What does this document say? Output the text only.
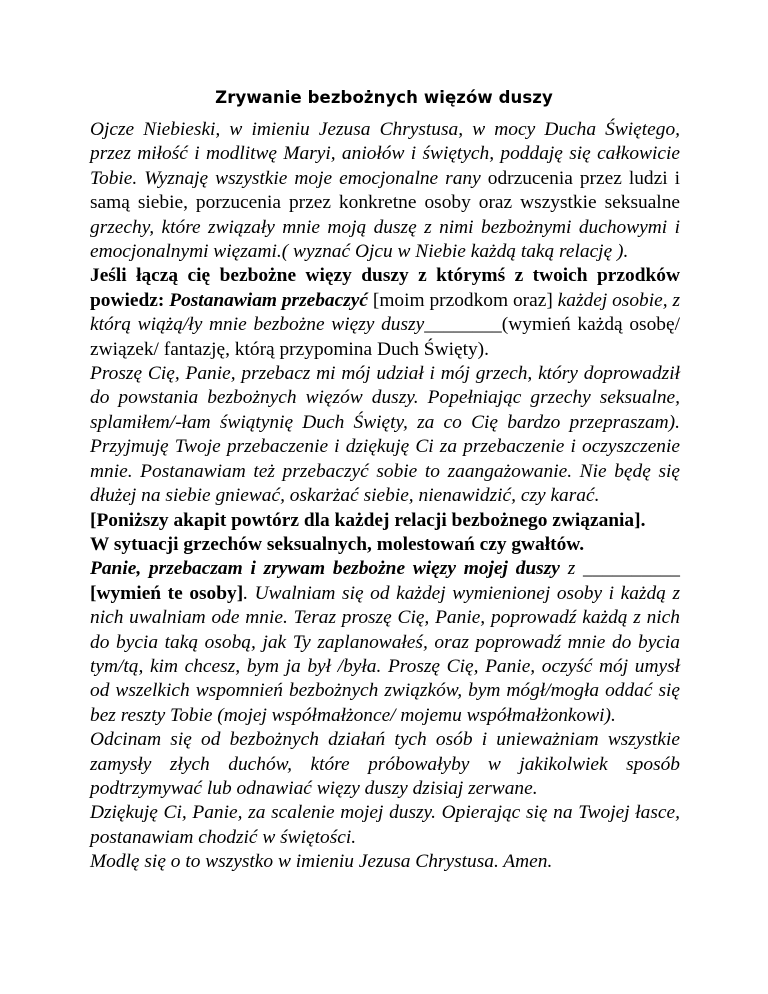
Zrywanie bezbożnych więzów duszy

Ojcze Niebieski, w imieniu Jezusa Chrystusa, w mocy Ducha Świętego, przez miłość i modlitwę Maryi, aniołów i świętych, poddaję się całkowicie Tobie. Wyznaję wszystkie moje emocjonalne rany odrzucenia przez ludzi i samą siebie, porzucenia przez konkretne osoby oraz wszystkie seksualne grzechy, które związały mnie moją duszę z nimi bezbożnymi duchowymi i emocjonalnymi więzami.( wyznać Ojcu w Niebie każdą taką relację ).

Jeśli łączą cię bezbożne więzy duszy z którymś z twoich przodków powiedz: Postanawiam przebaczyć [moim przodkom oraz] każdej osobie, z którą wiążą/ły mnie bezbożne więzy duszy________(wymień każdą osobę/ związek/ fantazję, którą przypomina Duch Święty).

Proszę Cię, Panie, przebacz mi mój udział i mój grzech, który doprowadził do powstania bezbożnych więzów duszy. Popełniając grzechy seksualne, splamiłem/-łam świątynię Duch Święty, za co Cię bardzo przepraszam). Przyjmuję Twoje przebaczenie i dziękuję Ci za przebaczenie i oczyszczenie mnie. Postanawiam też przebaczyć sobie to zaangażowanie. Nie będę się dłużej na siebie gniewać, oskarżać siebie, nienawidzić, czy karać.

[Poniższy akapit powtórz dla każdej relacji bezbożnego związania].

W sytuacji grzechów seksualnych, molestowań czy gwałtów.

Panie, przebaczam i zrywam bezbożne więzy mojej duszy z __________ [wymień te osoby]. Uwalniam się od każdej wymienionej osoby i każdą z nich uwalniam ode mnie. Teraz proszę Cię, Panie, poprowadź każdą z nich do bycia taką osobą, jak Ty zaplanowałeś, oraz poprowadź mnie do bycia tym/tą, kim chcesz, bym ja był /była. Proszę Cię, Panie, oczyść mój umysł od wszelkich wspomnień bezbożnych związków, bym mógł/mogła oddać się bez reszty Tobie (mojej współmałżonce/ mojemu współmałżonkowi).

Odcinam się od bezbożnych działań tych osób i unieważniam wszystkie zamysły złych duchów, które próbowałyby w jakikolwiek sposób podtrzymywać lub odnawiać więzy duszy dzisiaj zerwane.

Dziękuję Ci, Panie, za scalenie mojej duszy. Opierając się na Twojej łasce, postanawiam chodzić w świętości.

Modlę się o to wszystko w imieniu Jezusa Chrystusa. Amen.
